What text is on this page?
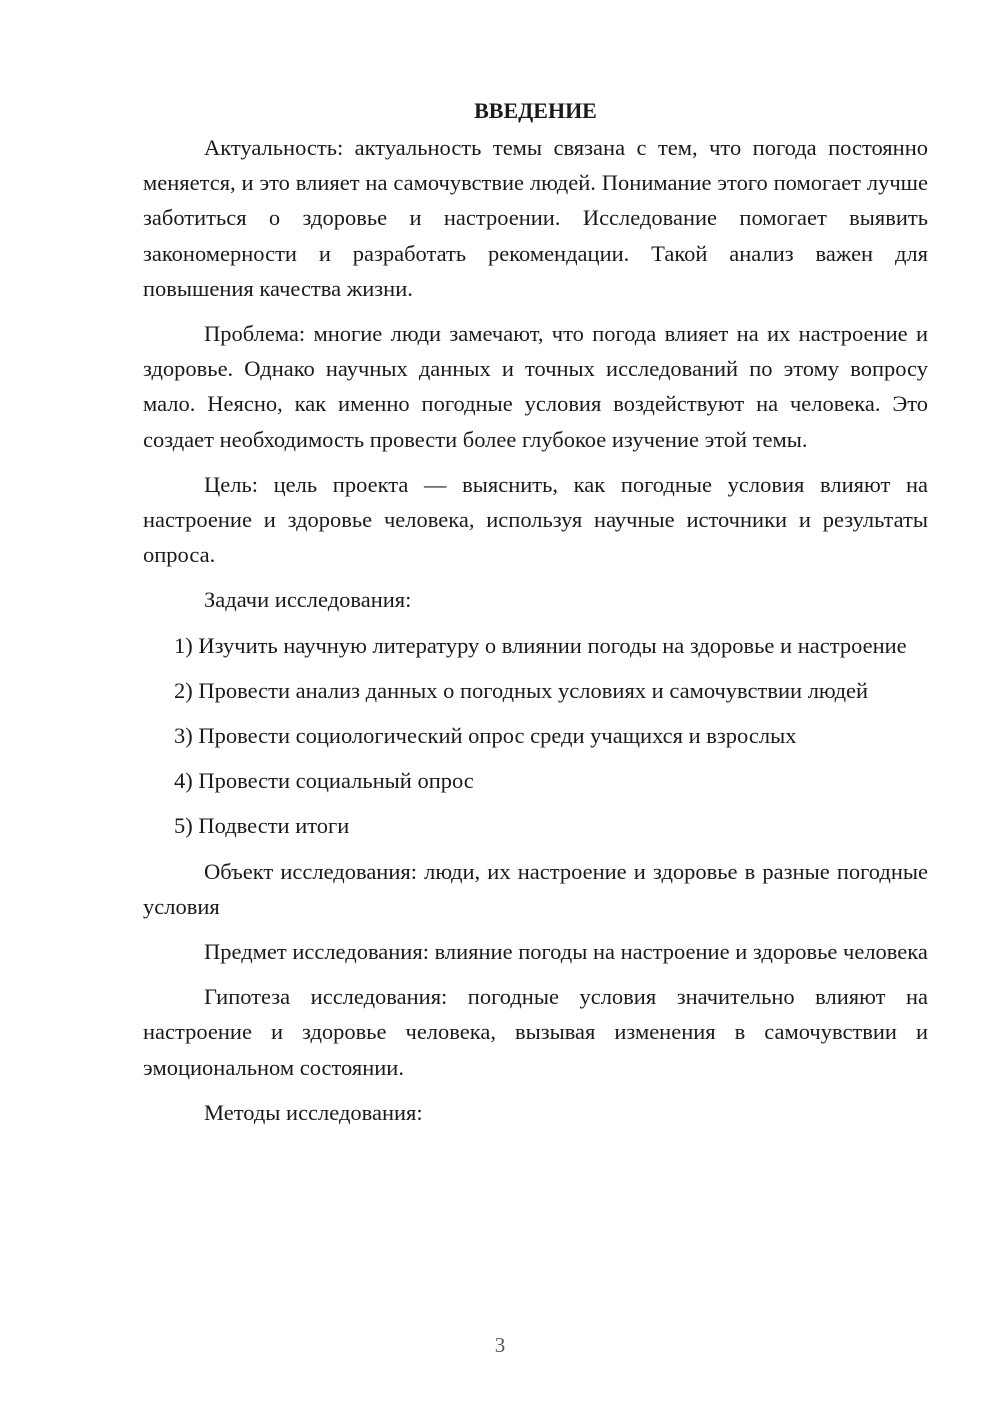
ВВЕДЕНИЕ

Актуальность: актуальность темы связана с тем, что погода постоянно меняется, и это влияет на самочувствие людей. Понимание этого помогает лучше заботиться о здоровье и настроении. Исследование помогает выявить закономерности и разработать рекомендации. Такой анализ важен для повышения качества жизни.

Проблема: многие люди замечают, что погода влияет на их настроение и здоровье. Однако научных данных и точных исследований по этому вопросу мало. Неясно, как именно погодные условия воздействуют на человека. Это создает необходимость провести более глубокое изучение этой темы.

Цель: цель проекта — выяснить, как погодные условия влияют на настроение и здоровье человека, используя научные источники и результаты опроса.

Задачи исследования:

1) Изучить научную литературу о влиянии погоды на здоровье и настроение

2) Провести анализ данных о погодных условиях и самочувствии людей

3) Провести социологический опрос среди учащихся и взрослых

4) Провести социальный опрос

5) Подвести итоги

Объект исследования: люди, их настроение и здоровье в разные погодные условия

Предмет исследования: влияние погоды на настроение и здоровье человека

Гипотеза исследования: погодные условия значительно влияют на настроение и здоровье человека, вызывая изменения в самочувствии и эмоциональном состоянии.

Методы исследования:

3
